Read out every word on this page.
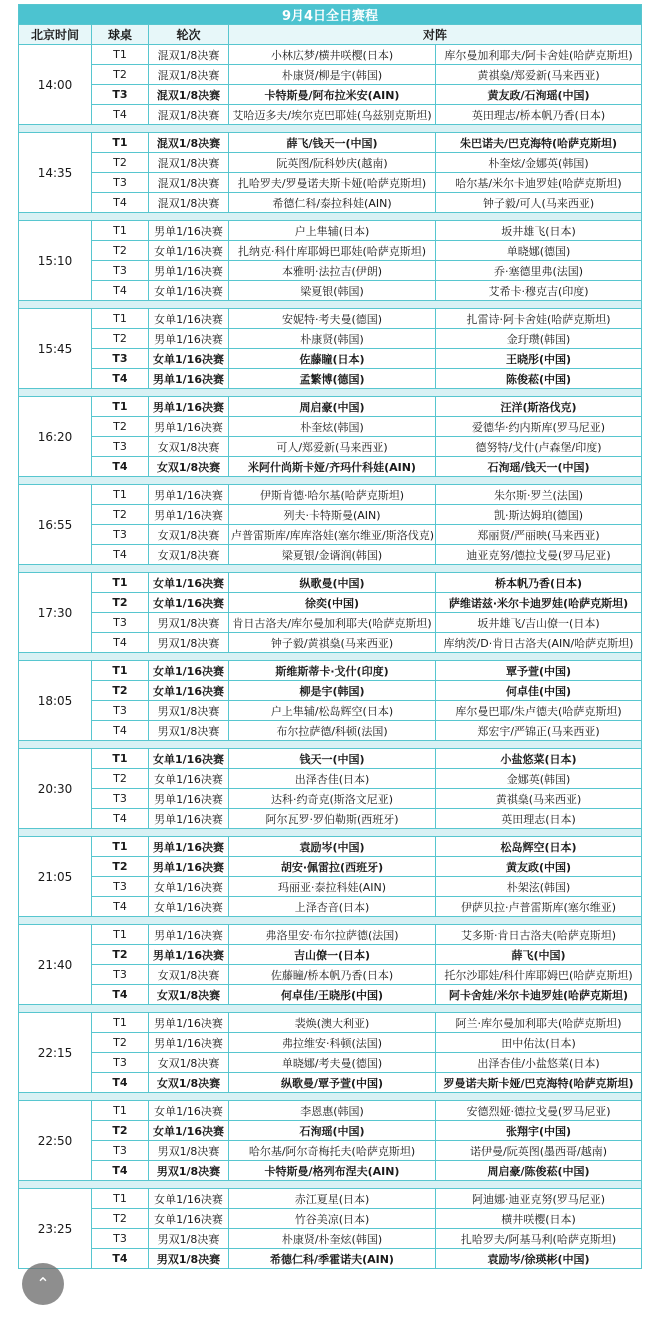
9月4日全日赛程				
北京时间	球桌	轮次	对阵	
14:00	T1	混双1/8决赛	小林広梦/横井咲樱(日本)	库尔曼加利耶夫/阿卡舍娃(哈萨克斯坦)
	T2	混双1/8决赛	朴康贤/柳是宇(韩国)	黄祺燊/郑爱新(马来西亚)
	T3	混双1/8决赛	卡特斯曼/阿布拉米安(AIN)	黄友政/石洵瑶(中国)
	T4	混双1/8决赛	艾哈迈多夫/埃尔克巴耶娃(乌兹别克斯坦)	英田理志/桥本帆乃香(日本)

14:35	T1	混双1/8决赛	薛飞/钱天一(中国)	朱巴诺夫/巴克海特(哈萨克斯坦)
	T2	混双1/8决赛	阮英图/阮科妙庆(越南)	朴奎炫/金娜英(韩国)
	T3	混双1/8决赛	扎哈罗夫/罗曼诺夫斯卡娅(哈萨克斯坦)	哈尔基/米尔卡迪罗娃(哈萨克斯坦)
	T4	混双1/8决赛	希德仁科/泰拉科娃(AIN)	钟子毅/可人(马来西亚)

15:10	T1	男单1/16决赛	户上隼辅(日本)	坂井雄飞(日本)
	T2	女单1/16决赛	扎纳克·科什库耶姆巴耶娃(哈萨克斯坦)	单晓娜(德国)
	T3	男单1/16决赛	本雅明·法拉吉(伊朗)	乔·塞德里弗(法国)
	T4	女单1/16决赛	梁夏银(韩国)	艾希卡·穆克吉(印度)

15:45	T1	女单1/16决赛	安妮特·考夫曼(德国)	扎雷诗·阿卡舍娃(哈萨克斯坦)
	T2	男单1/16决赛	朴康贤(韩国)	金玗瓒(韩国)
	T3	女单1/16决赛	佐藤瞳(日本)	王晓彤(中国)
	T4	男单1/16决赛	孟繁博(德国)	陈俊菘(中国)

16:20	T1	男单1/16决赛	周启豪(中国)	汪洋(斯洛伐克)
	T2	男单1/16决赛	朴奎炫(韩国)	爱德华·约内斯库(罗马尼亚)
	T3	女双1/8决赛	可人/郑爱新(马来西亚)	德努特/戈什(卢森堡/印度)
	T4	女双1/8决赛	米阿什尚斯卡娅/齐玛什科娃(AIN)	石洵瑶/钱天一(中国)

16:55	T1	男单1/16决赛	伊斯肯德·哈尔基(哈萨克斯坦)	朱尔斯·罗兰(法国)
	T2	男单1/16决赛	列夫·卡特斯曼(AIN)	凯·斯达姆珀(德国)
	T3	女双1/8决赛	卢普雷斯库/库库洛娃(塞尔维亚/斯洛伐克)	郑丽贤/严丽映(马来西亚)
	T4	女双1/8决赛	梁夏银/金谞润(韩国)	迪亚克努/德拉戈曼(罗马尼亚)

17:30	T1	女单1/16决赛	纵歌曼(中国)	桥本帆乃香(日本)
	T2	女单1/16决赛	徐奕(中国)	萨维诺兹·米尔卡迪罗娃(哈萨克斯坦)
	T3	男双1/8决赛	肯日古洛夫/库尔曼加利耶夫(哈萨克斯坦)	坂井雄飞/吉山僚一(日本)
	T4	男双1/8决赛	钟子毅/黄祺燊(马来西亚)	库纳茨/D·肯日古洛夫(AIN/哈萨克斯坦)

18:05	T1	女单1/16决赛	斯维斯蒂卡·戈什(印度)	覃予萱(中国)
	T2	女单1/16决赛	柳是宇(韩国)	何卓佳(中国)
	T3	男双1/8决赛	户上隼辅/松岛辉空(日本)	库尔曼巴耶/朱卢德夫(哈萨克斯坦)
	T4	男双1/8决赛	布尔拉萨德/科顿(法国)	郑宏宇/严锦正(马来西亚)

20:30	T1	女单1/16决赛	钱天一(中国)	小盐悠菜(日本)
	T2	女单1/16决赛	出泽杏佳(日本)	金娜英(韩国)
	T3	男单1/16决赛	达科·约奇克(斯洛文尼亚)	黄祺燊(马来西亚)
	T4	男单1/16决赛	阿尔瓦罗·罗伯勒斯(西班牙)	英田理志(日本)

21:05	T1	男单1/16决赛	袁励岑(中国)	松岛辉空(日本)
	T2	男单1/16决赛	胡安·佩雷拉(西班牙)	黄友政(中国)
	T3	女单1/16决赛	玛丽亚·泰拉科娃(AIN)	朴架泫(韩国)
	T4	女单1/16决赛	上泽杏音(日本)	伊萨贝拉·卢普雷斯库(塞尔维亚)

21:40	T1	男单1/16决赛	弗洛里安·布尔拉萨德(法国)	艾多斯·肯日古洛夫(哈萨克斯坦)
	T2	男单1/16决赛	吉山僚一(日本)	薛飞(中国)
	T3	女双1/8决赛	佐藤瞳/桥本帆乃香(日本)	托尔沙耶娃/科什库耶姆巴(哈萨克斯坦)
	T4	女双1/8决赛	何卓佳/王晓彤(中国)	阿卡舍娃/米尔卡迪罗娃(哈萨克斯坦)

22:15	T1	男单1/16决赛	裴焕(澳大利亚)	阿兰·库尔曼加利耶夫(哈萨克斯坦)
	T2	男单1/16决赛	弗拉维安·科顿(法国)	田中佑汰(日本)
	T3	女双1/8决赛	单晓娜/考夫曼(德国)	出泽杏佳/小盐悠菜(日本)
	T4	女双1/8决赛	纵歌曼/覃予萱(中国)	罗曼诺夫斯卡娅/巴克海特(哈萨克斯坦)

22:50	T1	女单1/16决赛	李恩惠(韩国)	安德烈娅·德拉戈曼(罗马尼亚)
	T2	女单1/16决赛	石洵瑶(中国)	张翔宇(中国)
	T3	男双1/8决赛	哈尔基/阿尔奇梅托夫(哈萨克斯坦)	诺伊曼/阮英图(墨西哥/越南)
	T4	男双1/8决赛	卡特斯曼/格列布涅夫(AIN)	周启豪/陈俊菘(中国)

23:25	T1	女单1/16决赛	赤江夏星(日本)	阿迪娜·迪亚克努(罗马尼亚)
	T2	女单1/16决赛	竹谷美凉(日本)	横井咲樱(日本)
	T3	男双1/8决赛	朴康贤/朴奎炫(韩国)	扎哈罗夫/阿基马利(哈萨克斯坦)
	T4	男双1/8决赛	希德仁科/季霍诺夫(AIN)	袁励岑/徐瑛彬(中国)
⌃
